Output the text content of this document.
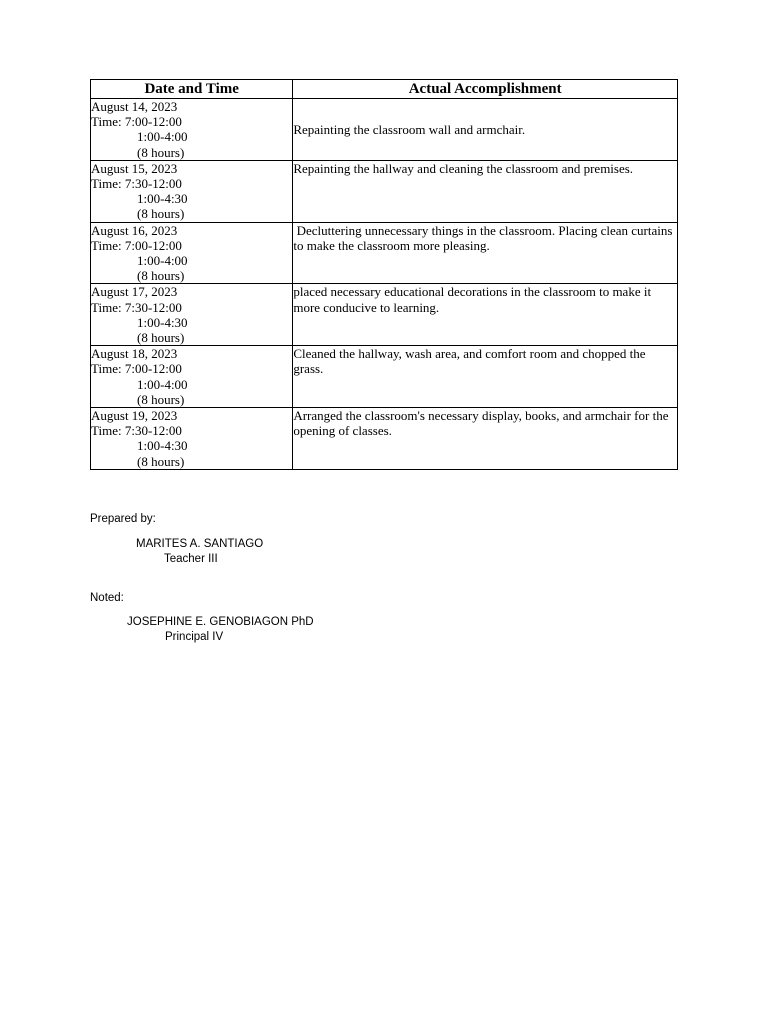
Date and Time	Actual Accomplishment

August 14, 2023
Time: 7:00-12:00
1:00-4:00
(8 hours)	Repainting the classroom wall and armchair.

August 15, 2023
Time: 7:30-12:00
1:00-4:30
(8 hours)	Repainting the hallway and cleaning the classroom and premises.

August 16, 2023
Time: 7:00-12:00
1:00-4:00
(8 hours)	Decluttering unnecessary things in the classroom. Placing clean curtains to make the classroom more pleasing.

August 17, 2023
Time: 7:30-12:00
1:00-4:30
(8 hours)	placed necessary educational decorations in the classroom to make it more conducive to learning.

August 18, 2023
Time: 7:00-12:00
1:00-4:00
(8 hours)	Cleaned the hallway, wash area, and comfort room and chopped the grass.

August 19, 2023
Time: 7:30-12:00
1:00-4:30
(8 hours)	Arranged the classroom's necessary display, books, and armchair for the opening of classes.
Prepared by:
MARITES A. SANTIAGO
Teacher III
Noted:
JOSEPHINE E. GENOBIAGON PhD
Principal IV
